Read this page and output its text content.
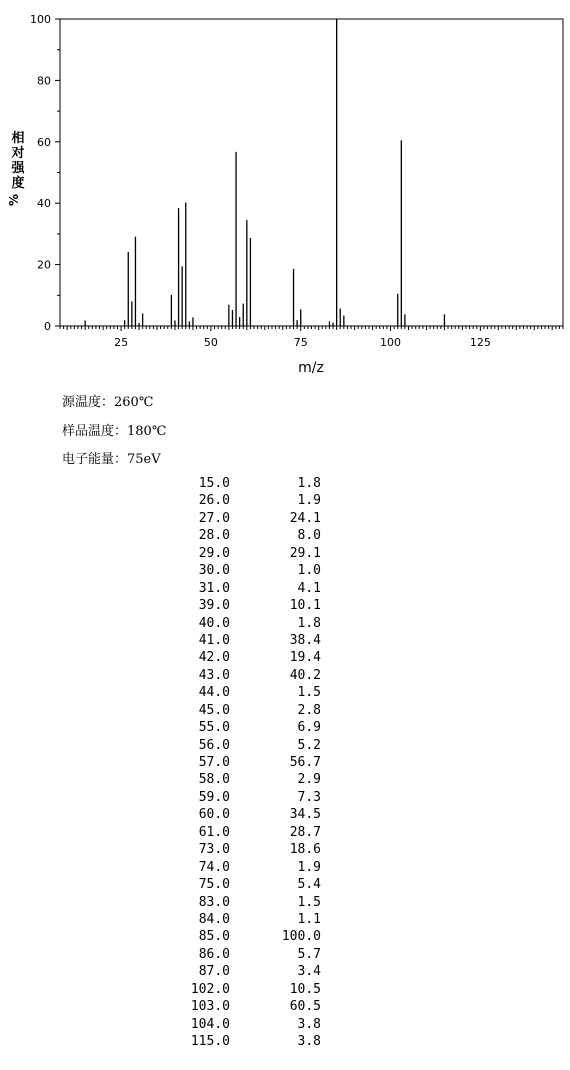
0
20
40
60
80
100
25	50	75	100	125
m/z
相对强度
%
源温度：260℃
样品温度：180℃
电子能量：75eV
15.0	1.8
26.0	1.9
27.0	24.1
28.0	8.0
29.0	29.1
30.0	1.0
31.0	4.1
39.0	10.1
40.0	1.8
41.0	38.4
42.0	19.4
43.0	40.2
44.0	1.5
45.0	2.8
55.0	6.9
56.0	5.2
57.0	56.7
58.0	2.9
59.0	7.3
60.0	34.5
61.0	28.7
73.0	18.6
74.0	1.9
75.0	5.4
83.0	1.5
84.0	1.1
85.0	100.0
86.0	5.7
87.0	3.4
102.0	10.5
103.0	60.5
104.0	3.8
115.0	3.8
